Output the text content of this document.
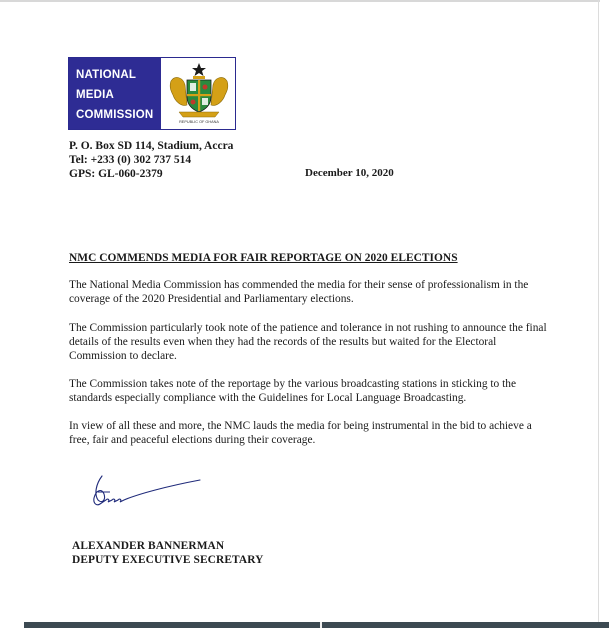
NATIONAL
MEDIA
COMMISSION
REPUBLIC OF GHANA
P. O. Box SD 114, Stadium, Accra
Tel: +233 (0) 302 737 514
GPS: GL-060-2379	December 10, 2020
NMC COMMENDS MEDIA FOR FAIR REPORTAGE ON 2020 ELECTIONS
The National Media Commission has commended the media for their sense of professionalism in the coverage of the 2020 Presidential and Parliamentary elections.
The Commission particularly took note of the patience and tolerance in not rushing to announce the final details of the results even when they had the records of the results but waited for the Electoral Commission to declare.
The Commission takes note of the reportage by the various broadcasting stations in sticking to the standards especially compliance with the Guidelines for Local Language Broadcasting.
In view of all these and more, the NMC lauds the media for being instrumental in the bid to achieve a free, fair and peaceful elections during their coverage.
ALEXANDER BANNERMAN
DEPUTY EXECUTIVE SECRETARY
